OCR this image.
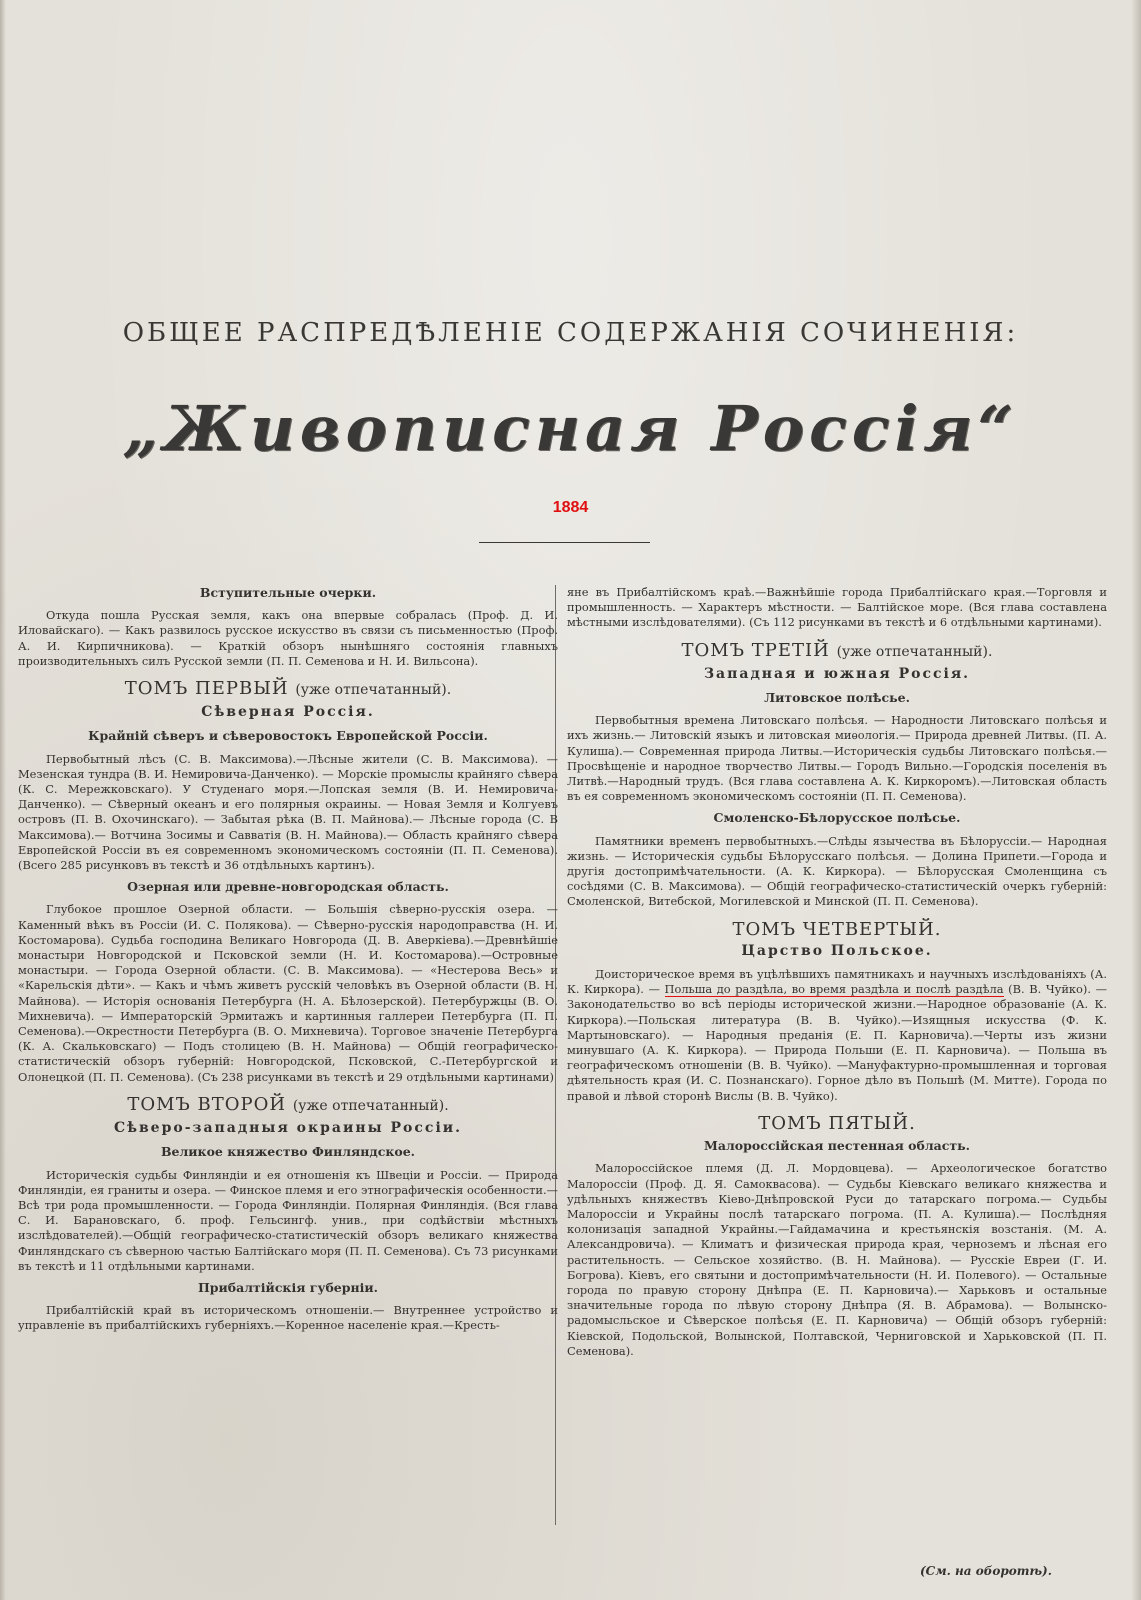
ОБЩЕЕ РАСПРЕДѢЛЕНІЕ СОДЕРЖАНІЯ СОЧИНЕНІЯ:
„Живописная Россія“
1884
Вступительные очерки.

Откуда пошла Русская земля, какъ она впервые собралась (Проф. Д. И. Иловайскаго). — Какъ развилось русское искусство въ связи съ письменностью (Проф. А. И. Кирпичникова). — Краткій обзоръ нынѣшняго состоянія главныхъ производительныхъ силъ Русской земли (П. П. Семенова и Н. И. Вильсона).

ТОМЪ ПЕРВЫЙ (уже отпечатанный).
Сѣверная Россія.
Крайній сѣверъ и сѣверовостокъ Европейской Россіи.

Первобытный лѣсъ (С. В. Максимова).—Лѣсные жители (С. В. Максимова). — Мезенская тундра (В. И. Немировича-Данченко). — Морскіе промыслы крайняго сѣвера (К. С. Мережковскаго). У Студенаго моря.—Лопская земля (В. И. Немировича-Данченко). — Сѣверный океанъ и его полярныя окраины. — Новая Земля и Колгуевъ островъ (П. В. Охочинскаго). — Забытая рѣка (В. П. Майнова).— Лѣсные города (С. В Максимова).— Вотчина Зосимы и Савватія (В. Н. Майнова).— Область крайняго сѣвера Европейской Россіи въ ея современномъ экономическомъ состояніи (П. П. Семенова). (Всего 285 рисунковъ въ текстѣ и 36 отдѣльныхъ картинъ).

Озерная или древне-новгородская область.

Глубокое прошлое Озерной области. — Большія сѣверно-русскія озера. — Каменный вѣкъ въ Россіи (И. С. Полякова). — Сѣверно-русскія народоправства (Н. И. Костомарова). Судьба господина Великаго Новгорода (Д. В. Аверкіева).—Древнѣйшіе монастыри Новгородской и Псковской земли (Н. И. Костомарова).—Островные монастыри. — Города Озерной области. (С. В. Максимова). — «Нестерова Весь» и «Карельскія дѣти». — Какъ и чѣмъ живетъ русскій человѣкъ въ Озерной области (В. Н. Майнова). — Исторія основанія Петербурга (Н. А. Бѣлозерской). Петербуржцы (В. О. Михневича). — Императорскій Эрмитажъ и картинныя галлереи Петербурга (П. П. Семенова).—Окрестности Петербурга (В. О. Михневича). Торговое значеніе Петербурга (К. А. Скальковскаго) — Подъ столицею (В. Н. Майнова) — Общій географическо-статистическій обзоръ губерній: Новгородской, Псковской, С.-Петербургской и Олонецкой (П. П. Семенова). (Съ 238 рисунками въ текстѣ и 29 отдѣльными картинами)

ТОМЪ ВТОРОЙ (уже отпечатанный).
Сѣверо-западныя окраины Россіи.
Великое княжество Финляндское.

Историческія судьбы Финляндіи и ея отношенія къ Швеціи и Россіи. — Природа Финляндіи, ея граниты и озера. — Финское племя и его этнографическія особенности.—Всѣ три рода промышленности. — Города Финляндіи. Полярная Финляндія. (Вся глава С. И. Барановскаго, б. проф. Гельсингф. унив., при содѣйствіи мѣстныхъ изслѣдователей).—Общій географическо-статистическій обзоръ великаго княжества Финляндскаго съ сѣверною частью Балтійскаго моря (П. П. Семенова). Съ 73 рисунками въ текстѣ и 11 отдѣльными картинами.

Прибалтійскія губерніи.

Прибалтійскій край въ историческомъ отношеніи.— Внутреннее устройство и управленіе въ прибалтійскихъ губерніяхъ.—Коренное населеніе края.—Кресть-

яне въ Прибалтійскомъ краѣ.—Важнѣйшіе города Прибалтійскаго края.—Торговля и промышленность. — Характеръ мѣстности. — Балтійское море. (Вся глава составлена мѣстными изслѣдователями). (Съ 112 рисунками въ текстѣ и 6 отдѣльными картинами).

ТОМЪ ТРЕТІЙ (уже отпечатанный).
Западная и южная Россія.
Литовское полѣсье.

Первобытныя времена Литовскаго полѣсья. — Народности Литовскаго полѣсья и ихъ жизнь.— Литовскій языкъ и литовская миѳологія.— Природа древней Литвы. (П. А. Кулиша).— Современная природа Литвы.—Историческія судьбы Литовскаго полѣсья.—Просвѣщеніе и народное творчество Литвы.— Городъ Вильно.—Городскія поселенія въ Литвѣ.—Народный трудъ. (Вся глава составлена А. К. Киркоромъ).—Литовская область въ ея современномъ экономическомъ состояніи (П. П. Семенова).

Смоленско-Бѣлорусское полѣсье.

Памятники временъ первобытныхъ.—Слѣды язычества въ Бѣлоруссіи.— Народная жизнь. — Историческія судьбы Бѣлорусскаго полѣсья. — Долина Припети.—Города и другія достопримѣчательности. (А. К. Киркора). — Бѣлорусская Смоленщина съ сосѣдями (С. В. Максимова). — Общій географическо-статистическій очеркъ губерній: Смоленской, Витебской, Могилевской и Минской (П. П. Семенова).

ТОМЪ ЧЕТВЕРТЫЙ.
Царство Польское.

Доисторическое время въ уцѣлѣвшихъ памятникахъ и научныхъ изслѣдованіяхъ (А. К. Киркора). — Польша до раздѣла, во время раздѣла и послѣ раздѣла (В. В. Чуйко). — Законодательство во всѣ періоды исторической жизни.—Народное образованіе (А. К. Киркора).—Польская литература (В. В. Чуйко).—Изящныя искусства (Ф. К. Мартыновскаго). — Народныя преданія (Е. П. Карновича).—Черты изъ жизни минувшаго (А. К. Киркора). — Природа Польши (Е. П. Карновича). — Польша въ географическомъ отношеніи (В. В. Чуйко). —Мануфактурно-промышленная и торговая дѣятельность края (И. С. Познанскаго). Горное дѣло въ Польшѣ (М. Митте). Города по правой и лѣвой сторонѣ Вислы (В. В. Чуйко).

ТОМЪ ПЯТЫЙ.
Малороссійская пестенная область.

Малороссійское племя (Д. Л. Мордовцева). — Археологическое богатство Малороссіи (Проф. Д. Я. Самоквасова). — Судьбы Кіевскаго великаго княжества и удѣльныхъ княжествъ Кіево-Днѣпровской Руси до татарскаго погрома.— Судьбы Малороссіи и Украйны послѣ татарскаго погрома. (П. А. Кулиша).— Послѣдняя колонизація западной Украйны.—Гайдамачина и крестьянскія возстанія. (М. А. Александровича). — Климатъ и физическая природа края, черноземъ и лѣсная его растительность. — Сельское хозяйство. (В. Н. Майнова). — Русскіе Евреи (Г. И. Богрова). Кіевъ, его святыни и достопримѣчательности (Н. И. Полевого). — Остальные города по правую сторону Днѣпра (Е. П. Карновича).— Харьковъ и остальные значительные города по лѣвую сторону Днѣпра (Я. В. Абрамова). — Волынско-радомысльское и Сѣверское полѣсья (Е. П. Карновича) — Общій обзоръ губерній: Кіевской, Подольской, Волынской, Полтавской, Черниговской и Харьковской (П. П. Семенова).

(См. на оборотѣ).
